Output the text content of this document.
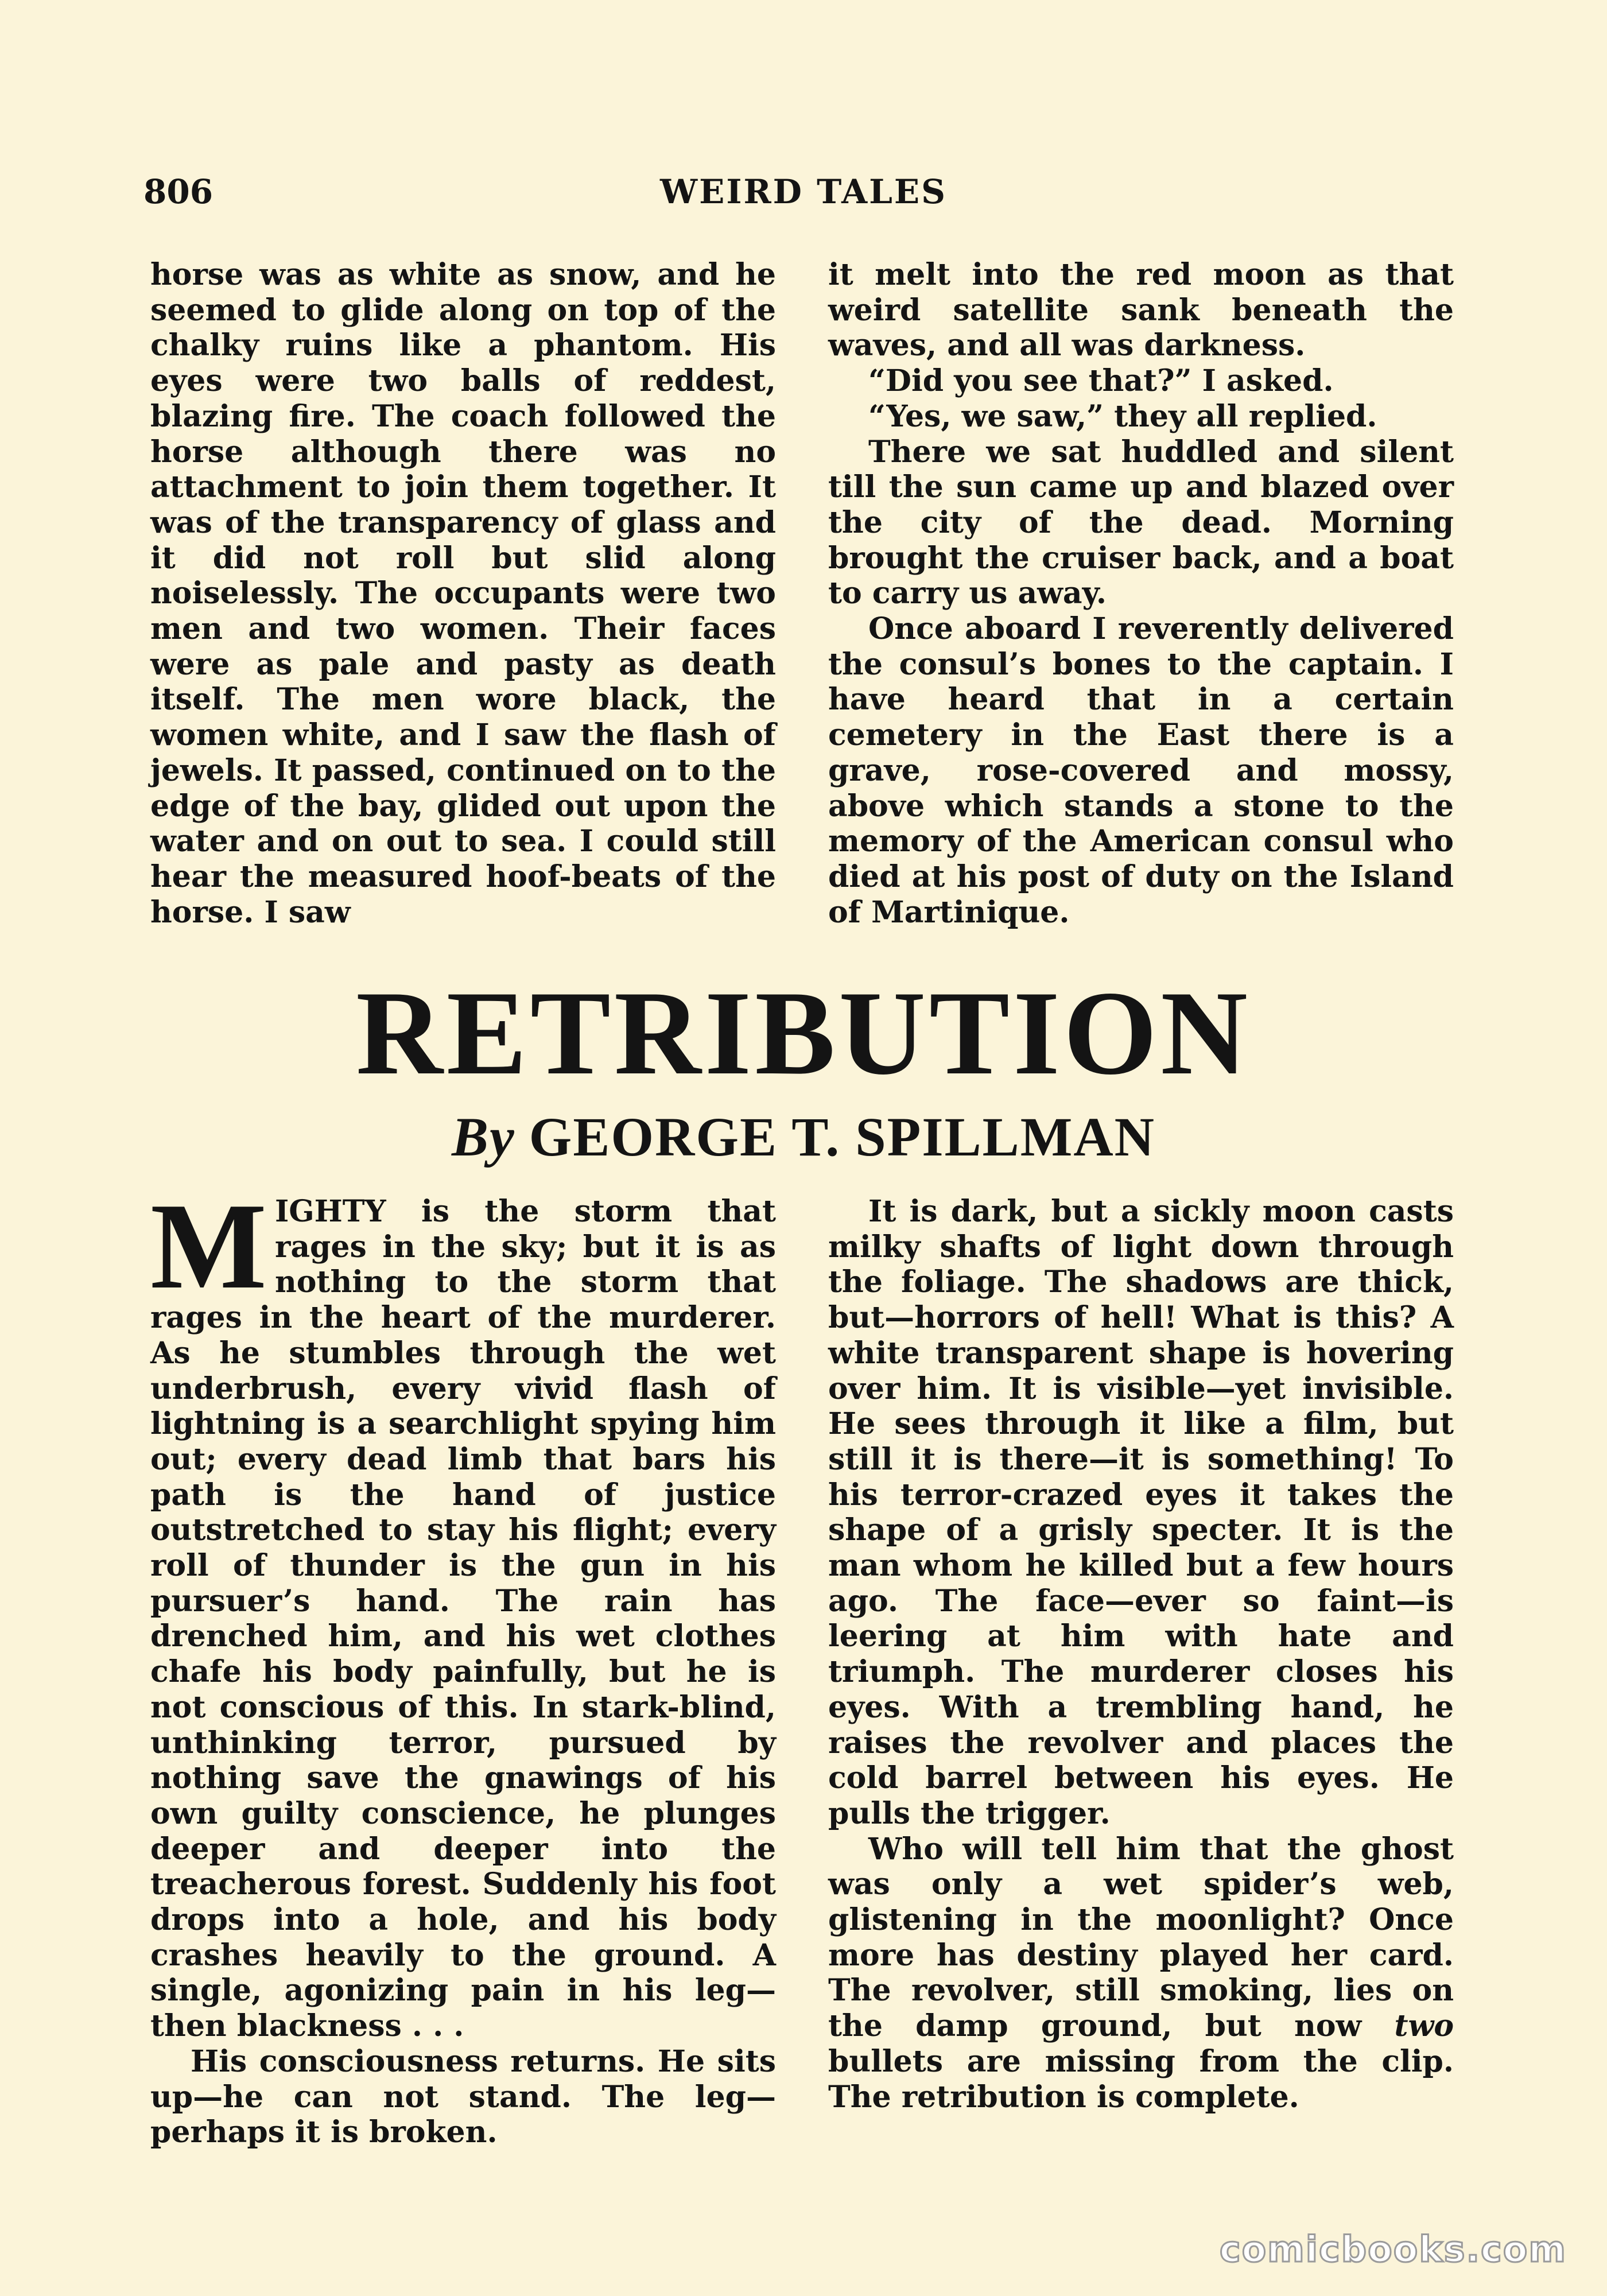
806	WEIRD TALES

horse was as white as snow, and he seemed to glide along on top of the chalky ruins like a phantom. His eyes were two balls of reddest, blazing fire. The coach followed the horse although there was no attachment to join them together. It was of the transparency of glass and it did not roll but slid along noiselessly. The occupants were two men and two women. Their faces were as pale and pasty as death itself. The men wore black, the women white, and I saw the flash of jewels. It passed, continued on to the edge of the bay, glided out upon the water and on out to sea. I could still hear the measured hoof-beats of the horse. I saw

it melt into the red moon as that weird satellite sank beneath the waves, and all was darkness.

“Did you see that?” I asked.

“Yes, we saw,” they all replied.

There we sat huddled and silent till the sun came up and blazed over the city of the dead. Morning brought the cruiser back, and a boat to carry us away.

Once aboard I reverently delivered the consul’s bones to the captain. I have heard that in a certain cemetery in the East there is a grave, rose-covered and mossy, above which stands a stone to the memory of the American consul who died at his post of duty on the Island of Martinique.

RETRIBUTION
By GEORGE T. SPILLMAN

MIGHTY is the storm that rages in the sky; but it is as nothing to the storm that rages in the heart of the murderer. As he stumbles through the wet underbrush, every vivid flash of lightning is a searchlight spying him out; every dead limb that bars his path is the hand of justice outstretched to stay his flight; every roll of thunder is the gun in his pursuer’s hand. The rain has drenched him, and his wet clothes chafe his body painfully, but he is not conscious of this. In stark-blind, unthinking terror, pursued by nothing save the gnawings of his own guilty conscience, he plunges deeper and deeper into the treacherous forest. Suddenly his foot drops into a hole, and his body crashes heavily to the ground. A single, agonizing pain in his leg—then blackness . . .

His consciousness returns. He sits up—he can not stand. The leg—perhaps it is broken.

It is dark, but a sickly moon casts milky shafts of light down through the foliage. The shadows are thick, but—horrors of hell! What is this? A white transparent shape is hovering over him. It is visible—yet invisible. He sees through it like a film, but still it is there—it is something! To his terror-crazed eyes it takes the shape of a grisly specter. It is the man whom he killed but a few hours ago. The face—ever so faint—is leering at him with hate and triumph. The murderer closes his eyes. With a trembling hand, he raises the revolver and places the cold barrel between his eyes. He pulls the trigger.

Who will tell him that the ghost was only a wet spider’s web, glistening in the moonlight? Once more has destiny played her card. The revolver, still smoking, lies on the damp ground, but now two bullets are missing from the clip. The retribution is complete.

comicbooks.com
